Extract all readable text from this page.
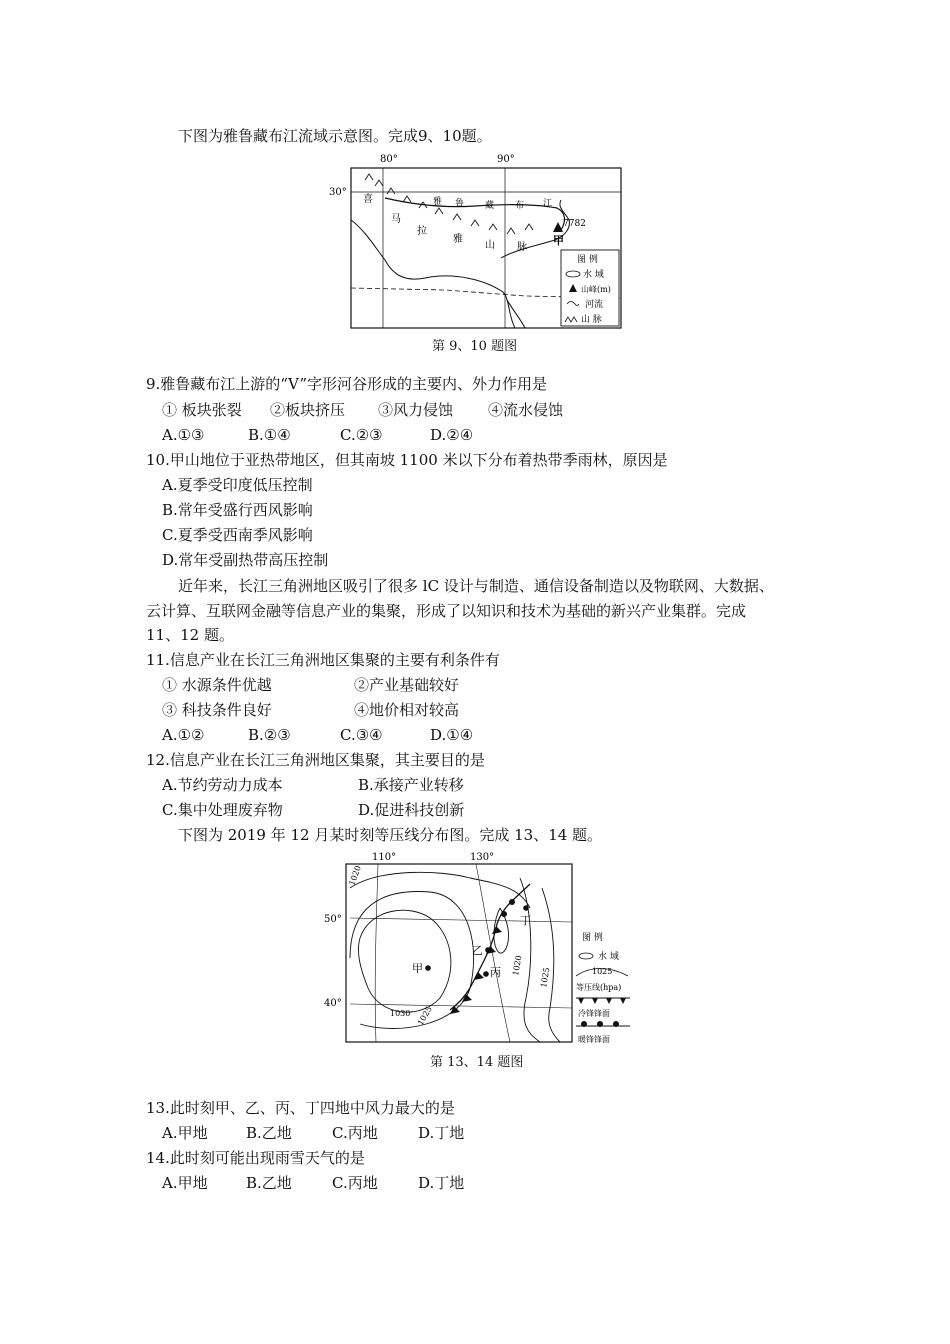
下图为雅鲁藏布江流域示意图。完成9、10题。
80°	90°
30°
喜
马
拉
雅
山 脉
雅 鲁 藏 布 江
7782
甲
图 例
水 域
山峰(m)
河流
山 脉
第 9、10 题图
9.雅鲁藏布江上游的“V”字形河谷形成的主要内、外力作用是
① 板块张裂 ②板块挤压 ③风力侵蚀 ④流水侵蚀
A.①③	B.①④	C.②③	D.②④
10.甲山地位于亚热带地区，但其南坡 1100 米以下分布着热带季雨林，原因是
A.夏季受印度低压控制
B.常年受盛行西风影响
C.夏季受西南季风影响
D.常年受副热带高压控制
近年来，长江三角洲地区吸引了很多 lC 设计与制造、通信设备制造以及物联网、大数据、
云计算、互联网金融等信息产业的集聚，形成了以知识和技术为基础的新兴产业集群。完成
11、12 题。
11.信息产业在长江三角洲地区集聚的主要有利条件有
① 水源条件优越	②产业基础较好
③ 科技条件良好	④地价相对较高
A.①②	B.②③	C.③④	D.①④
12.信息产业在长江三角洲地区集聚，其主要目的是
A.节约劳动力成本	B.承接产业转移
C.集中处理废弃物	D.促进科技创新
下图为 2019 年 12 月某时刻等压线分布图。完成 13、14 题。
110°	130°
50°
40°
1020
1030 1025
1020
1025
甲
乙
丙
丁
图 例
水 域
1025
等压线(hpa)
冷锋锋面
暖锋锋面
第 13、14 题图
13.此时刻甲、乙、丙、丁四地中风力最大的是
A.甲地	B.乙地	C.丙地	D.丁地
14.此时刻可能出现雨雪天气的是
A.甲地	B.乙地	C.丙地	D.丁地
